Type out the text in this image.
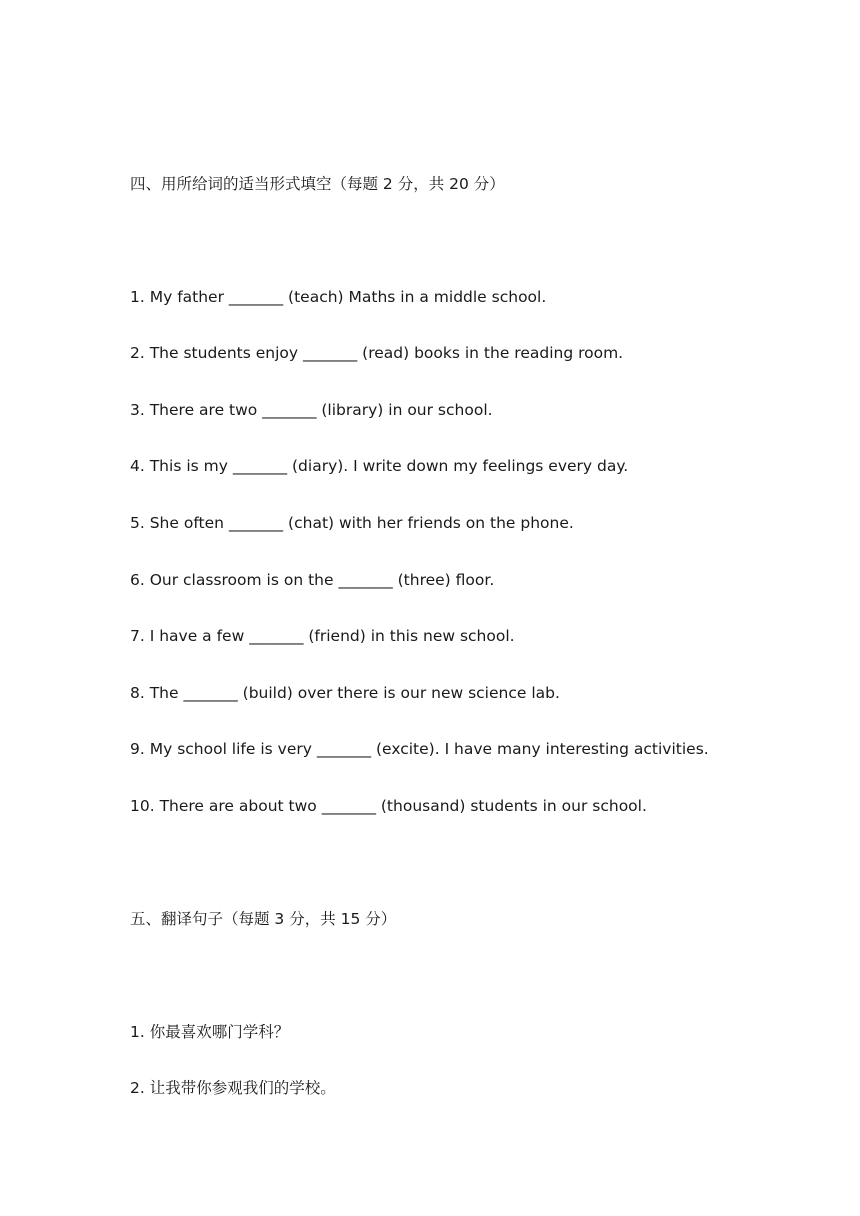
四、用所给词的适当形式填空（每题 2 分，共 20 分）
1. My father _______ (teach) Maths in a middle school.
2. The students enjoy _______ (read) books in the reading room.
3. There are two _______ (library) in our school.
4. This is my _______ (diary). I write down my feelings every day.
5. She often _______ (chat) with her friends on the phone.
6. Our classroom is on the _______ (three) floor.
7. I have a few _______ (friend) in this new school.
8. The _______ (build) over there is our new science lab.
9. My school life is very _______ (excite). I have many interesting activities.
10. There are about two _______ (thousand) students in our school.
五、翻译句子（每题 3 分，共 15 分）
1. 你最喜欢哪门学科？
2. 让我带你参观我们的学校。
